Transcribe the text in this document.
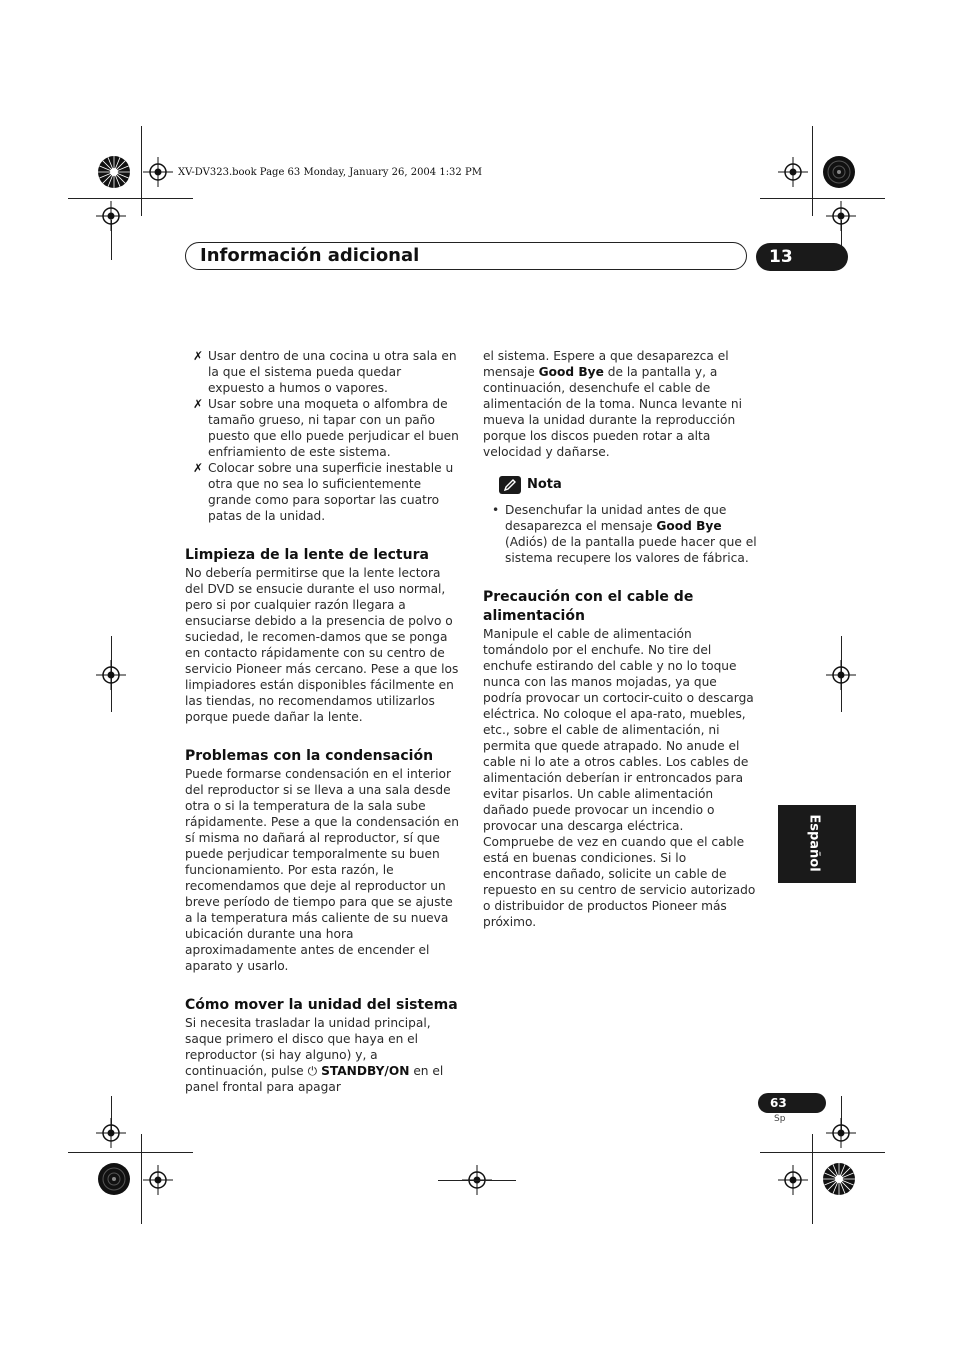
XV-DV323.book Page 63 Monday, January 26, 2004 1:32 PM
Información adicional	13

✗ Usar dentro de una cocina u otra sala en la que el sistema pueda quedar expuesto a humos o vapores.

✗ Usar sobre una moqueta o alfombra de tamaño grueso, ni tapar con un paño puesto que ello puede perjudicar el buen enfriamiento de este sistema.

✗ Colocar sobre una superficie inestable u otra que no sea lo suficientemente grande como para soportar las cuatro patas de la unidad.

Limpieza de la lente de lectura

No debería permitirse que la lente lectora del DVD se ensucie durante el uso normal, pero si por cualquier razón llegara a ensuciarse debido a la presencia de polvo o suciedad, le recomen-damos que se ponga en contacto rápidamente con su centro de servicio Pioneer más cercano. Pese a que los limpiadores están disponibles fácilmente en las tiendas, no recomendamos utilizarlos porque puede dañar la lente.

Problemas con la condensación

Puede formarse condensación en el interior del reproductor si se lleva a una sala desde otra o si la temperatura de la sala sube rápidamente. Pese a que la condensación en sí misma no dañará al reproductor, sí que puede perjudicar temporalmente su buen funcionamiento. Por esta razón, le recomendamos que deje al reproductor un breve período de tiempo para que se ajuste a la temperatura más caliente de su nueva ubicación durante una hora aproximadamente antes de encender el aparato y usarlo.

Cómo mover la unidad del sistema

Si necesita trasladar la unidad principal, saque primero el disco que haya en el reproductor (si hay alguno) y, a continuación, pulse ⏻ STANDBY/ON en el panel frontal para apagar

el sistema. Espere a que desaparezca el mensaje Good Bye de la pantalla y, a continuación, desenchufe el cable de alimentación de la toma. Nunca levante ni mueva la unidad durante la reproducción porque los discos pueden rotar a alta velocidad y dañarse.

Nota

• Desenchufar la unidad antes de que desaparezca el mensaje Good Bye (Adiós) de la pantalla puede hacer que el sistema recupere los valores de fábrica.

Precaución con el cable de alimentación

Manipule el cable de alimentación tomándolo por el enchufe. No tire del enchufe estirando del cable y no lo toque nunca con las manos mojadas, ya que podría provocar un cortocir-cuito o descarga eléctrica. No coloque el apa-rato, muebles, etc., sobre el cable de alimentación, ni permita que quede atrapado. No anude el cable ni lo ate a otros cables. Los cables de alimentación deberían ir entroncados para evitar pisarlos. Un cable alimentación dañado puede provocar un incendio o provocar una descarga eléctrica. Compruebe de vez en cuando que el cable está en buenas condiciones. Si lo encontrase dañado, solicite un cable de repuesto en su centro de servicio autorizado o distribuidor de productos Pioneer más próximo.

Español
63
Sp
